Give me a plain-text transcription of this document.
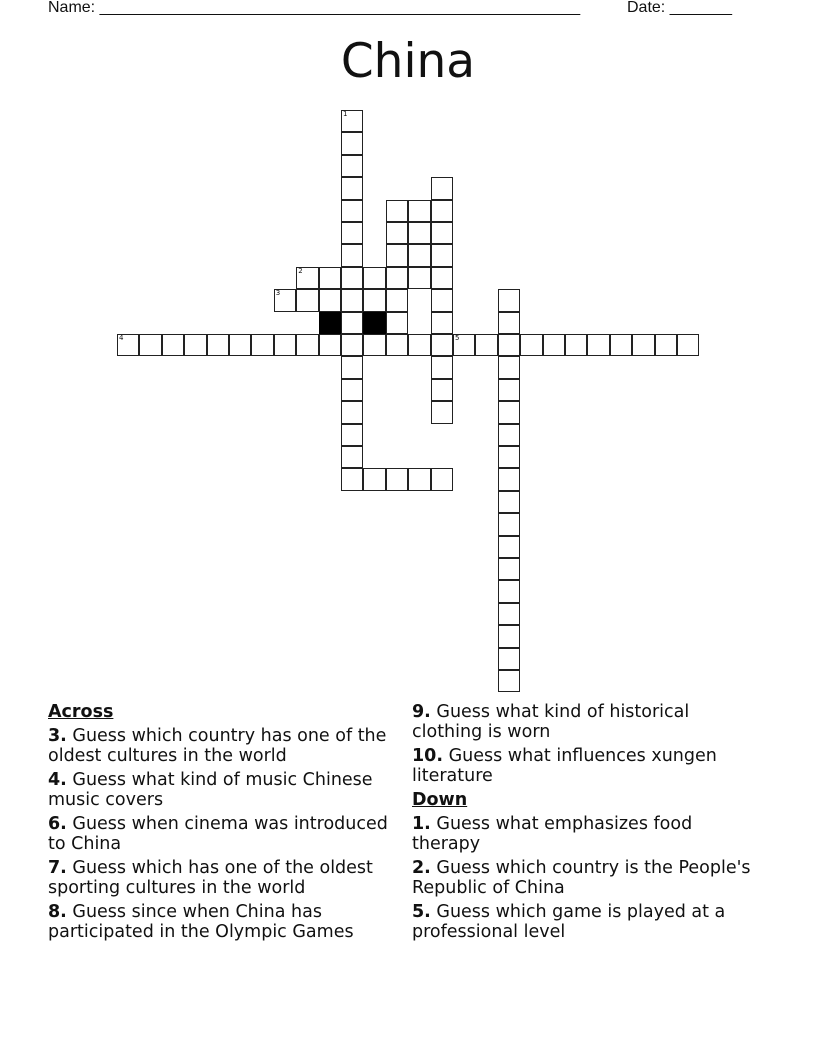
Name: ______________________________________________________	Date: _______
China
4	5
3
2
1
Across
3. Guess which country has one of the oldest cultures in the world
4. Guess what kind of music Chinese music covers
6. Guess when cinema was introduced to China
7. Guess which has one of the oldest sporting cultures in the world
8. Guess since when China has participated in the Olympic Games
9. Guess what kind of historical clothing is worn
10. Guess what influences xungen literature
Down
1. Guess what emphasizes food therapy
2. Guess which country is the People's Republic of China
5. Guess which game is played at a professional level
